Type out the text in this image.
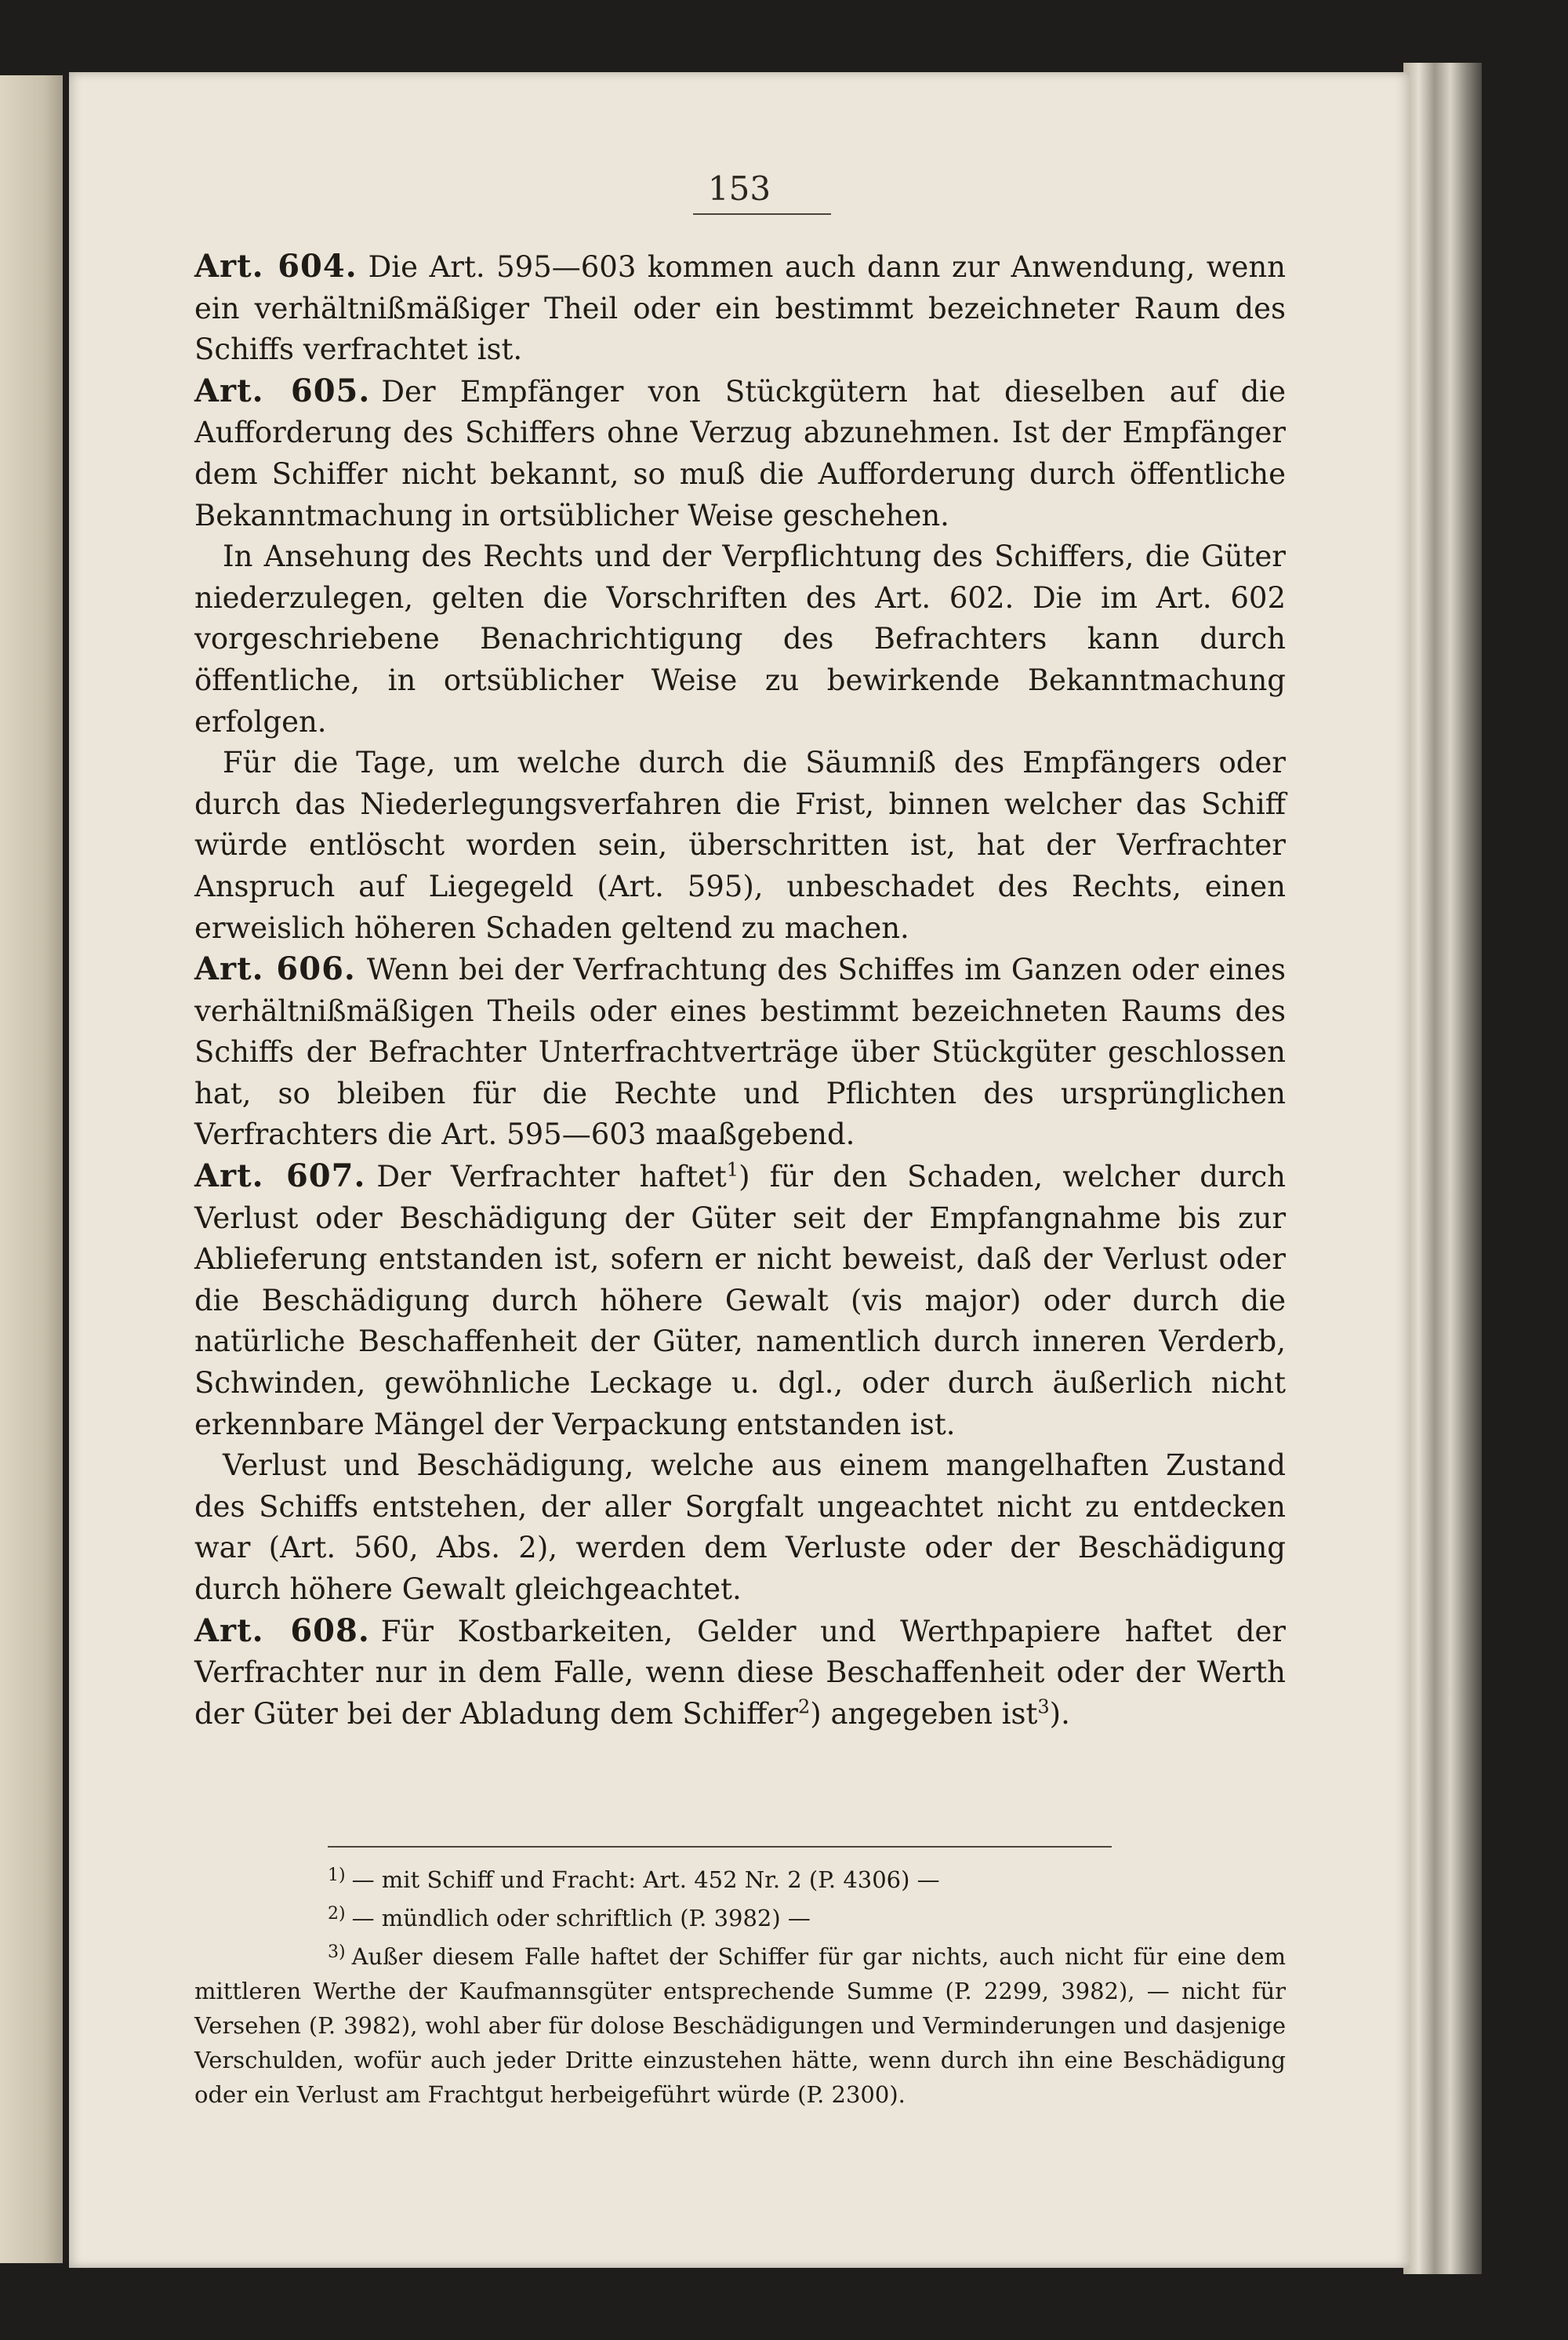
153

Art. 604. Die Art. 595—603 kommen auch dann zur Anwendung, wenn ein verhältnißmäßiger Theil oder ein bestimmt bezeichneter Raum des Schiffs verfrachtet ist.

Art. 605. Der Empfänger von Stückgütern hat dieselben auf die Aufforderung des Schiffers ohne Verzug abzunehmen. Ist der Empfänger dem Schiffer nicht bekannt, so muß die Aufforderung durch öffentliche Bekanntmachung in ortsüblicher Weise geschehen.

In Ansehung des Rechts und der Verpflichtung des Schiffers, die Güter niederzulegen, gelten die Vorschriften des Art. 602. Die im Art. 602 vorgeschriebene Benachrichtigung des Befrachters kann durch öffentliche, in ortsüblicher Weise zu bewirkende Bekanntmachung erfolgen.

Für die Tage, um welche durch die Säumniß des Empfängers oder durch das Niederlegungsverfahren die Frist, binnen welcher das Schiff würde entlöscht worden sein, überschritten ist, hat der Verfrachter Anspruch auf Liegegeld (Art. 595), unbeschadet des Rechts, einen erweislich höheren Schaden geltend zu machen.

Art. 606. Wenn bei der Verfrachtung des Schiffes im Ganzen oder eines verhältnißmäßigen Theils oder eines bestimmt bezeichneten Raums des Schiffs der Befrachter Unterfrachtverträge über Stückgüter geschlossen hat, so bleiben für die Rechte und Pflichten des ursprünglichen Verfrachters die Art. 595—603 maaßgebend.

Art. 607. Der Verfrachter haftet$^1$) für den Schaden, welcher durch Verlust oder Beschädigung der Güter seit der Empfangnahme bis zur Ablieferung entstanden ist, sofern er nicht beweist, daß der Verlust oder die Beschädigung durch höhere Gewalt (vis major) oder durch die natürliche Beschaffenheit der Güter, namentlich durch inneren Verderb, Schwinden, gewöhnliche Leckage u. dgl., oder durch äußerlich nicht erkennbare Mängel der Verpackung entstanden ist.

Verlust und Beschädigung, welche aus einem mangelhaften Zustand des Schiffs entstehen, der aller Sorgfalt ungeachtet nicht zu entdecken war (Art. 560, Abs. 2), werden dem Verluste oder der Beschädigung durch höhere Gewalt gleichgeachtet.

Art. 608. Für Kostbarkeiten, Gelder und Werthpapiere haftet der Verfrachter nur in dem Falle, wenn diese Beschaffenheit oder der Werth der Güter bei der Abladung dem Schiffer$^2$) angegeben ist$^3$).

$^{1)}$ — mit Schiff und Fracht: Art. 452 Nr. 2 (P. 4306) —

$^{2)}$ — mündlich oder schriftlich (P. 3982) —

$^{3)}$ Außer diesem Falle haftet der Schiffer für gar nichts, auch nicht für eine dem mittleren Werthe der Kaufmannsgüter entsprechende Summe (P. 2299, 3982), — nicht für Versehen (P. 3982), wohl aber für dolose Beschädigungen und Verminderungen und dasjenige Verschulden, wofür auch jeder Dritte einzustehen hätte, wenn durch ihn eine Beschädigung oder ein Verlust am Frachtgut herbeigeführt würde (P. 2300).
